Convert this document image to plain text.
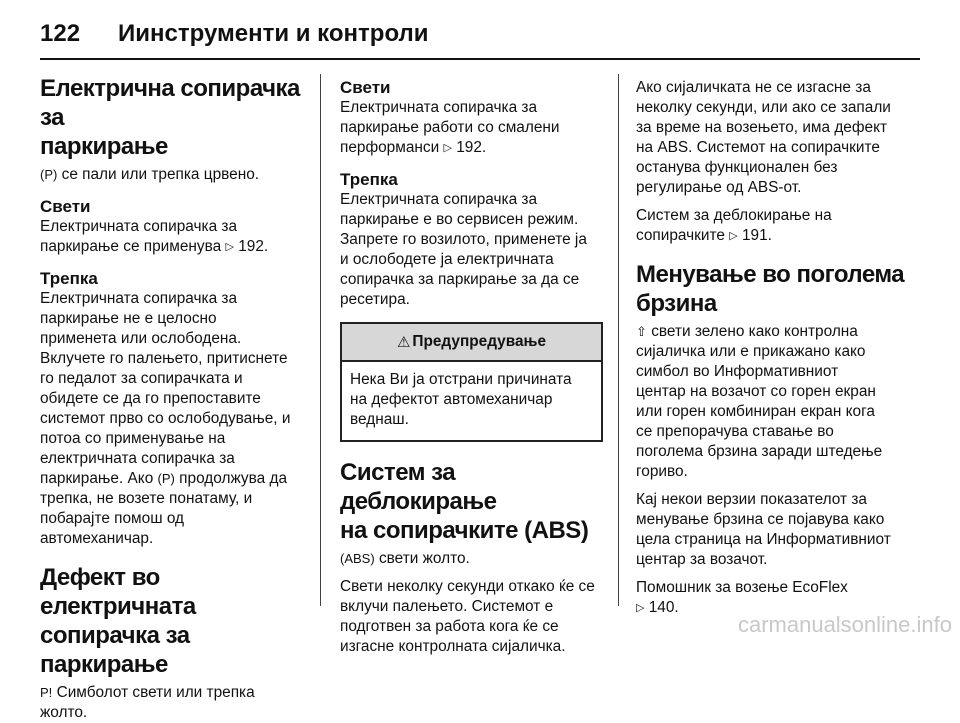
122	Иинструменти и контроли
Електрична сопирачка за
паркирање
(P) се пали или трепка црвено.
Свети
Електричната сопирачка за
паркирање се применува ▷ 192.
Трепка
Електричната сопирачка за
паркирање не е целосно
применета или ослободена.
Вклучете го палењето, притиснете
го педалот за сопирачката и
обидете се да го препоставите
системот прво со ослободување, и
потоа со применување на
електричната сопирачка за
паркирање. Ако (P) продолжува да
трепка, не возете понатаму, и
побарајте помош од
автомеханичар.
Дефект во електричната
сопирачка за паркирање
P! Симболот свети или трепка
жолто.
Свети
Електричната сопирачка за
паркирање работи со смалени
перформанси ▷ 192.
Трепка
Електричната сопирачка за
паркирање е во сервисен режим.
Запрете го возилото, применете ја
и ослободете ја електричната
сопирачка за паркирање за да се
ресетира.
⚠ Предупредување
Нека Ви ја отстрани причината
на дефектот автомеханичар
веднаш.
Систем за деблокирање
на сопирачките (ABS)
(ABS) свети жолто.
Свети неколку секунди откако ќе се
вклучи палењето. Системот е
подготвен за работа кога ќе се
изгасне контролната сијаличка.
Ако сијаличката не се изгасне за
неколку секунди, или ако се запали
за време на возењето, има дефект
на ABS. Системот на сопирачките
останува функционален без
регулирање од ABS-от.
Систем за деблокирање на
сопирачките ▷ 191.
Менување во поголема
брзина
⇧ свети зелено како контролна
сијаличка или е прикажано како
симбол во Информативниот
центар на возачот со горен екран
или горен комбиниран екран кога
се препорачува ставање во
поголема брзина заради штедење
гориво.
Кај некои верзии показателот за
менување брзина се појавува како
цела страница на Информативниот
центар за возачот.
Помошник за возење EcoFlex
▷ 140.
carmanualsonline.info
